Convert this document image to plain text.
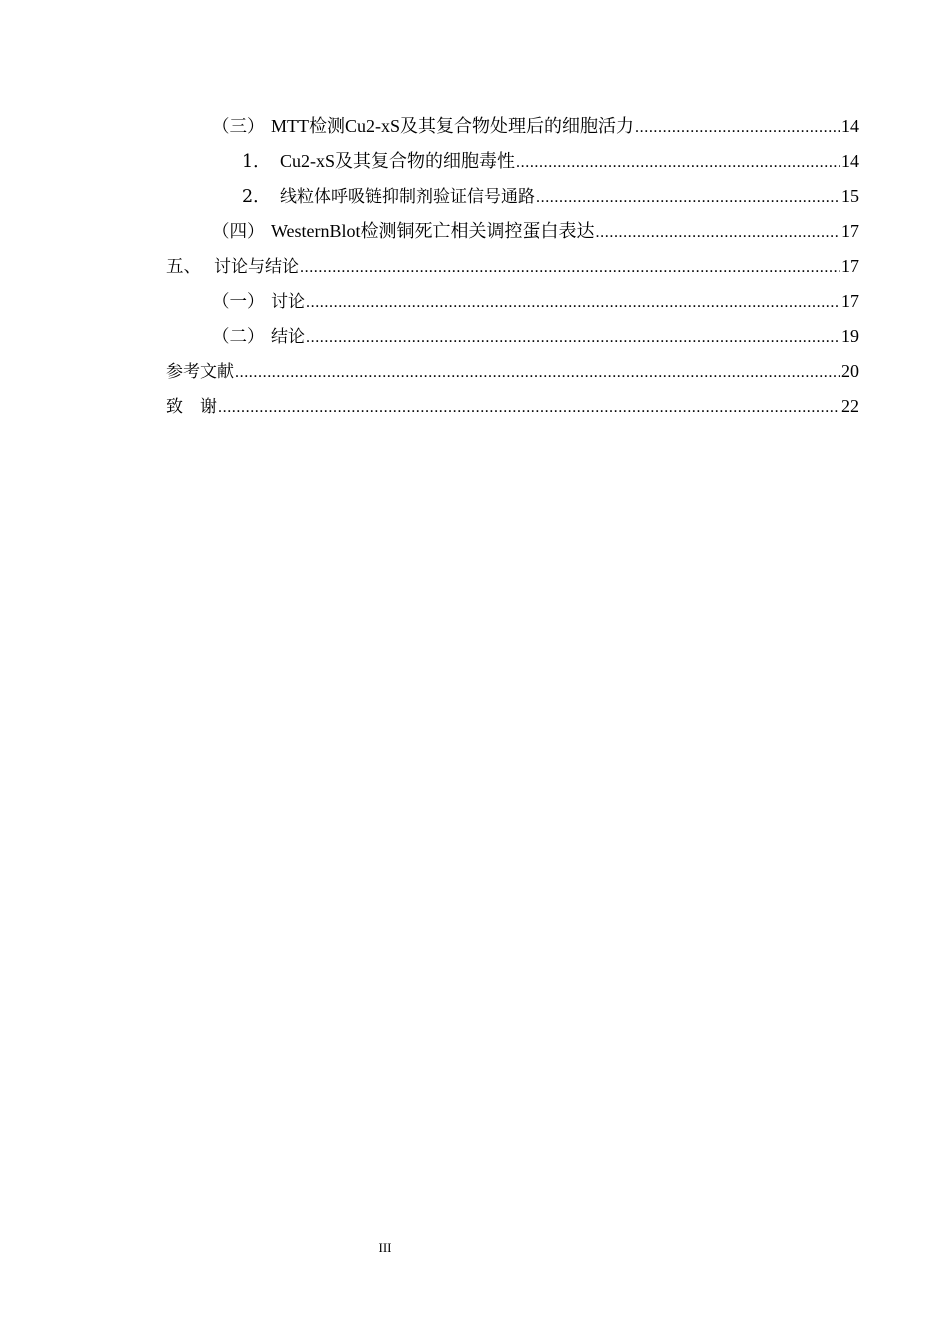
（三） MTT检测Cu2-xS及其复合物处理后的细胞活力 .....	14
1． Cu2-xS及其复合物的细胞毒性 .....	14
2． 线粒体呼吸链抑制剂验证信号通路 .....	15
（四） WesternBlot检测铜死亡相关调控蛋白表达 .....	17
五、 讨论与结论 .....	17
（一） 讨论 .....	17
（二） 结论 .....	19
参考文献 .....	20
致　谢 .....	22
III
